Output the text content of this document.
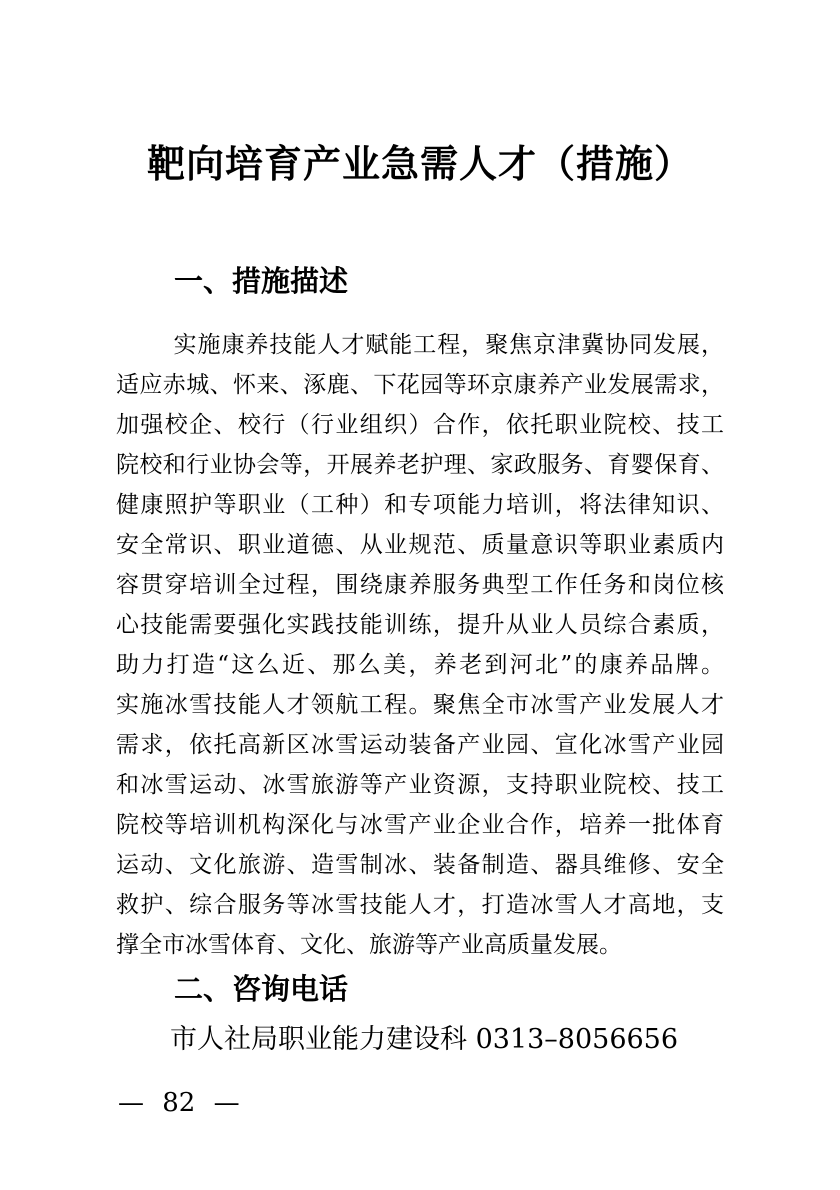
靶向培育产业急需人才（措施）
一、措施描述
实施康养技能人才赋能工程，聚焦京津冀协同发展，
适应赤城、怀来、涿鹿、下花园等环京康养产业发展需求，
加强校企、校行（行业组织）合作，依托职业院校、技工
院校和行业协会等，开展养老护理、家政服务、育婴保育、
健康照护等职业（工种）和专项能力培训，将法律知识、
安全常识、职业道德、从业规范、质量意识等职业素质内
容贯穿培训全过程，围绕康养服务典型工作任务和岗位核
心技能需要强化实践技能训练，提升从业人员综合素质，
助力打造“这么近、那么美，养老到河北”的康养品牌。
实施冰雪技能人才领航工程。聚焦全市冰雪产业发展人才
需求，依托高新区冰雪运动装备产业园、宣化冰雪产业园
和冰雪运动、冰雪旅游等产业资源，支持职业院校、技工
院校等培训机构深化与冰雪产业企业合作，培养一批体育
运动、文化旅游、造雪制冰、装备制造、器具维修、安全
救护、综合服务等冰雪技能人才，打造冰雪人才高地，支
撑全市冰雪体育、文化、旅游等产业高质量发展。
二、咨询电话
市人社局职业能力建设科 0313–8056656
— 82 —
